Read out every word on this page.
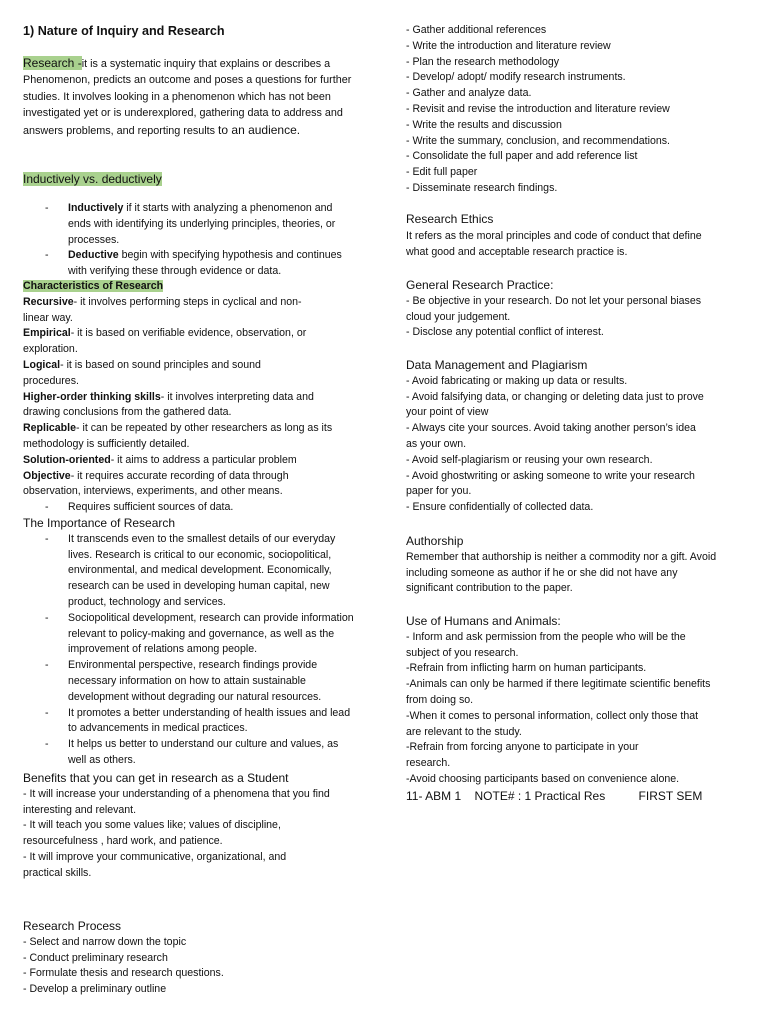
1) Nature of Inquiry and Research
Research -it is a systematic inquiry that explains or describes a Phenomenon, predicts an outcome and poses a questions for further studies. It involves looking in a phenomenon which has not been investigated yet or is underexplored, gathering data to address and answers problems, and reporting results to an audience.
Inductively vs. deductively
- Inductively if it starts with analyzing a phenomenon and ends with identifying its underlying principles, theories, or processes.
- Deductive begin with specifying hypothesis and continues with verifying these through evidence or data.
Characteristics of Research
Recursive- it involves performing steps in cyclical and non-linear way.
Empirical- it is based on verifiable evidence, observation, or exploration.
Logical- it is based on sound principles and sound procedures.
Higher-order thinking skills- it involves interpreting data and drawing conclusions from the gathered data.
Replicable- it can be repeated by other researchers as long as its methodology is sufficiently detailed.
Solution-oriented- it aims to address a particular problem
Objective- it requires accurate recording of data through observation, interviews, experiments, and other means.
- Requires sufficient sources of data.
The Importance of Research
- It transcends even to the smallest details of our everyday lives. Research is critical to our economic, sociopolitical, environmental, and medical development. Economically, research can be used in developing human capital, new product, technology and services.
- Sociopolitical development, research can provide information relevant to policy-making and governance, as well as the improvement of relations among people.
- Environmental perspective, research findings provide necessary information on how to attain sustainable development without degrading our natural resources.
- It promotes a better understanding of health issues and lead to advancements in medical practices.
- It helps us better to understand our culture and values, as well as others.
Benefits that you can get in research as a Student
- It will increase your understanding of a phenomena that you find interesting and relevant.
- It will teach you some values like; values of discipline, resourcefulness , hard work, and patience.
- It will improve your communicative, organizational, and practical skills.
Research Process
- Select and narrow down the topic
- Conduct preliminary research
- Formulate thesis and research questions.
- Develop a preliminary outline
- Gather additional references
- Write the introduction and literature review
- Plan the research methodology
- Develop/ adopt/ modify research instruments.
- Gather and analyze data.
- Revisit and revise the introduction and literature review
- Write the results and discussion
- Write the summary, conclusion, and recommendations.
- Consolidate the full paper and add reference list
- Edit full paper
- Disseminate research findings.
Research Ethics
It refers as the moral principles and code of conduct that define what good and acceptable research practice is.
General Research Practice:
- Be objective in your research. Do not let your personal biases cloud your judgement.
- Disclose any potential conflict of interest.
Data Management and Plagiarism
- Avoid fabricating or making up data or results.
- Avoid falsifying data, or changing or deleting data just to prove your point of view
- Always cite your sources. Avoid taking another person’s idea as your own.
- Avoid self-plagiarism or reusing your own research.
- Avoid ghostwriting or asking someone to write your research paper for you.
- Ensure confidentially of collected data.
Authorship
Remember that authorship is neither a commodity nor a gift. Avoid including someone as author if he or she did not have any significant contribution to the paper.
Use of Humans and Animals:
- Inform and ask permission from the people who will be the subject of you research.
-Refrain from inflicting harm on human participants.
-Animals can only be harmed if there legitimate scientific benefits from doing so.
-When it comes to personal information, collect only those that are relevant to the study.
-Refrain from forcing anyone to participate in your research.
-Avoid choosing participants based on convenience alone.
11- ABM 1 NOTE# : 1 Practical Res	FIRST SEM
